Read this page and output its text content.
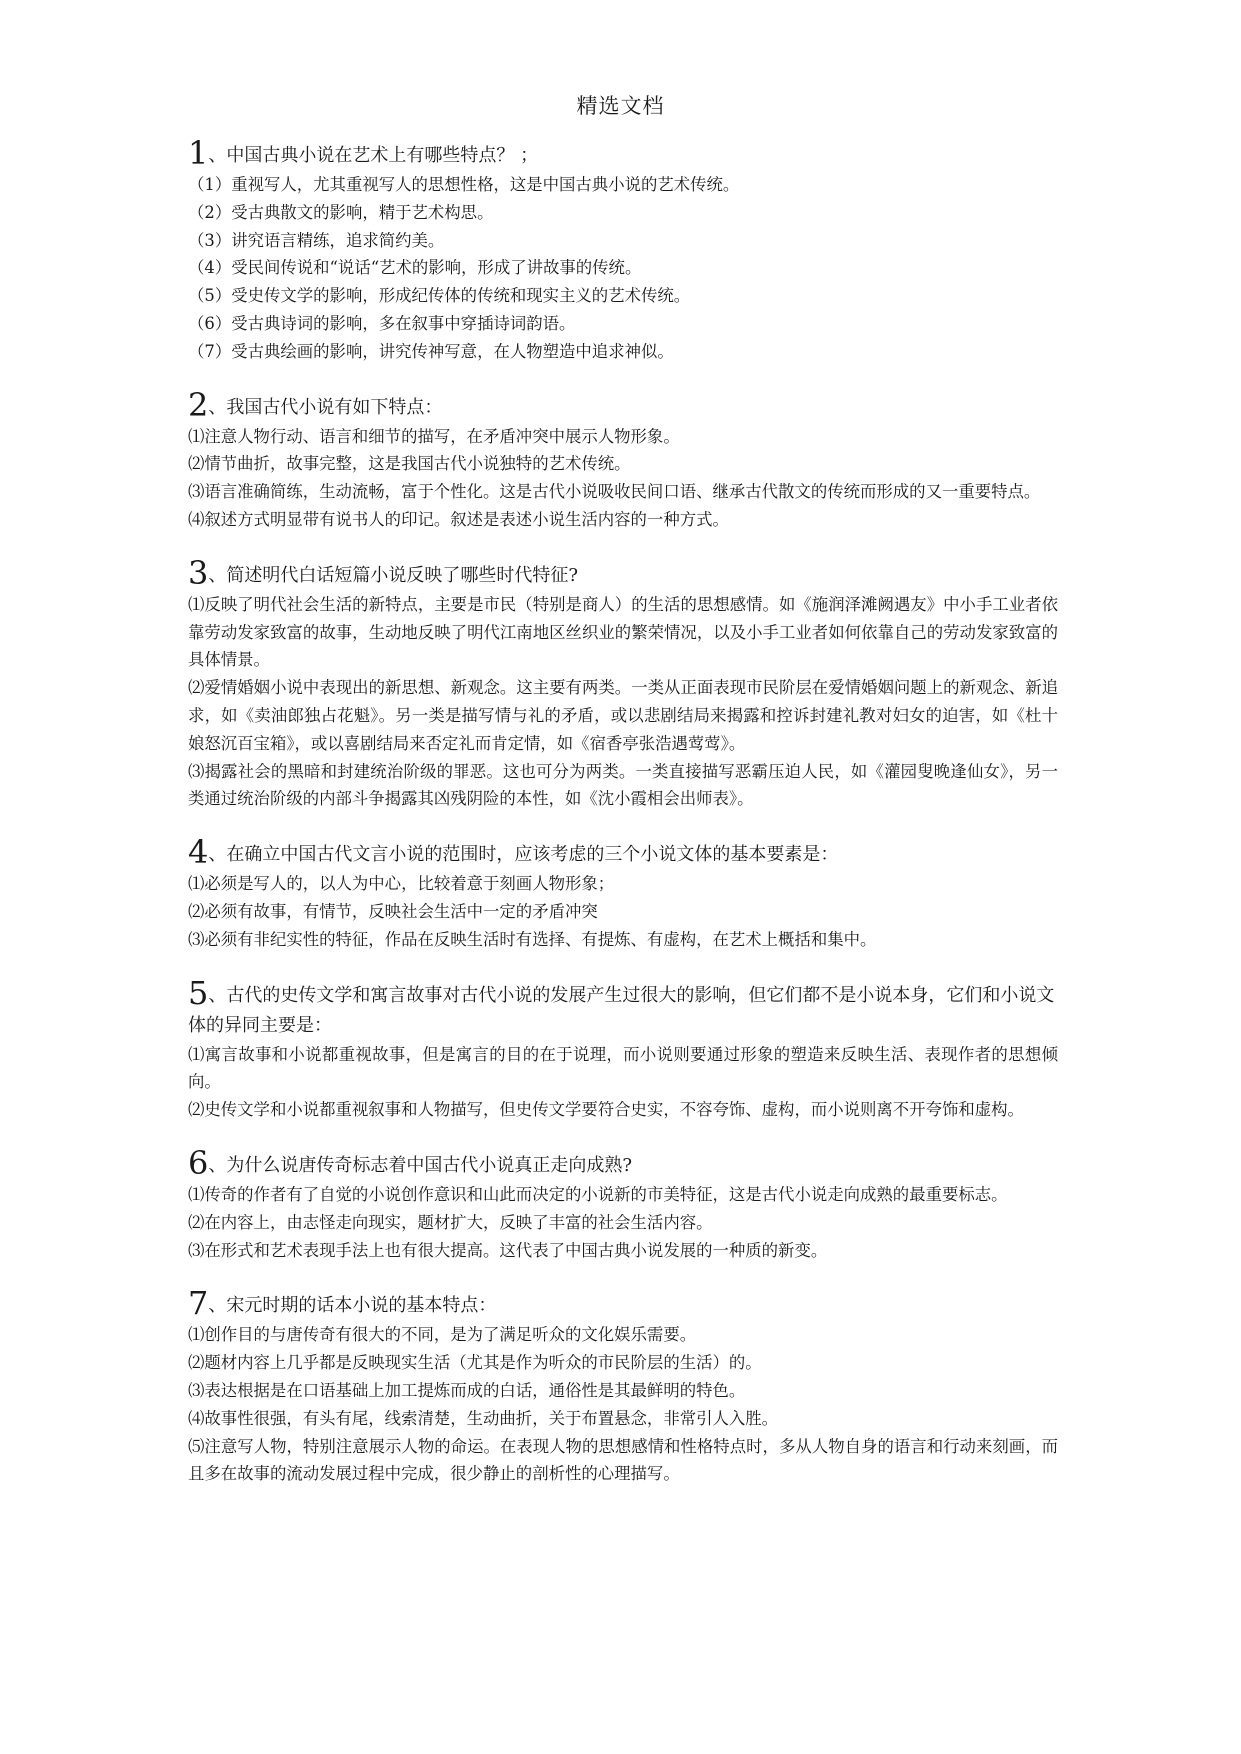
精选文档

1、中国古典小说在艺术上有哪些特点？ ；

（1）重视写人，尤其重视写人的思想性格，这是中国古典小说的艺术传统。

（2）受古典散文的影响，精于艺术构思。

（3）讲究语言精练，追求简约美。

（4）受民间传说和“说话“艺术的影响，形成了讲故事的传统。

（5）受史传文学的影响，形成纪传体的传统和现实主义的艺术传统。

（6）受古典诗词的影响，多在叙事中穿插诗词韵语。

（7）受古典绘画的影响，讲究传神写意，在人物塑造中追求神似。

2、我国古代小说有如下特点：

⑴注意人物行动、语言和细节的描写，在矛盾冲突中展示人物形象。

⑵情节曲折，故事完整，这是我国古代小说独特的艺术传统。

⑶语言准确简练，生动流畅，富于个性化。这是古代小说吸收民间口语、继承古代散文的传统而形成的又一重要特点。

⑷叙述方式明显带有说书人的印记。叙述是表述小说生活内容的一种方式。

3、简述明代白话短篇小说反映了哪些时代特征?

⑴反映了明代社会生活的新特点，主要是市民（特别是商人）的生活的思想感情。如《施润泽滩阙遇友》中小手工业者依靠劳动发家致富的故事，生动地反映了明代江南地区丝织业的繁荣情况，以及小手工业者如何依靠自己的劳动发家致富的具体情景。

⑵爱情婚姻小说中表现出的新思想、新观念。这主要有两类。一类从正面表现市民阶层在爱情婚姻问题上的新观念、新追求，如《卖油郎独占花魁》。另一类是描写情与礼的矛盾，或以悲剧结局来揭露和控诉封建礼教对妇女的迫害，如《杜十娘怒沉百宝箱》，或以喜剧结局来否定礼而肯定情，如《宿香亭张浩遇莺莺》。

⑶揭露社会的黑暗和封建统治阶级的罪恶。这也可分为两类。一类直接描写恶霸压迫人民，如《灌园叟晚逢仙女》，另一类通过统治阶级的内部斗争揭露其凶残阴险的本性，如《沈小霞相会出师表》。

4、在确立中国古代文言小说的范围时，应该考虑的三个小说文体的基本要素是：

⑴必须是写人的，以人为中心，比较着意于刻画人物形象；

⑵必须有故事，有情节，反映社会生活中一定的矛盾冲突

⑶必须有非纪实性的特征，作品在反映生活时有选择、有提炼、有虚构，在艺术上概括和集中。

5、古代的史传文学和寓言故事对古代小说的发展产生过很大的影响，但它们都不是小说本身，它们和小说文体的异同主要是：

⑴寓言故事和小说都重视故事，但是寓言的目的在于说理，而小说则要通过形象的塑造来反映生活、表现作者的思想倾向。

⑵史传文学和小说都重视叙事和人物描写，但史传文学要符合史实，不容夸饰、虚构，而小说则离不开夸饰和虚构。

6、为什么说唐传奇标志着中国古代小说真正走向成熟?

⑴传奇的作者有了自觉的小说创作意识和山此而决定的小说新的市美特征，这是古代小说走向成熟的最重要标志。

⑵在内容上，由志怪走向现实，题材扩大，反映了丰富的社会生活内容。

⑶在形式和艺术表现手法上也有很大提高。这代表了中国古典小说发展的一种质的新变。

7、宋元时期的话本小说的基本特点：

⑴创作目的与唐传奇有很大的不同，是为了满足听众的文化娱乐需要。

⑵题材内容上几乎都是反映现实生活（尤其是作为听众的市民阶层的生活）的。

⑶表达根据是在口语基础上加工提炼而成的白话，通俗性是其最鲜明的特色。

⑷故事性很强，有头有尾，线索清楚，生动曲折，关于布置悬念，非常引人入胜。

⑸注意写人物，特别注意展示人物的命运。在表现人物的思想感情和性格特点时，多从人物自身的语言和行动来刻画，而且多在故事的流动发展过程中完成，很少静止的剖析性的心理描写。
